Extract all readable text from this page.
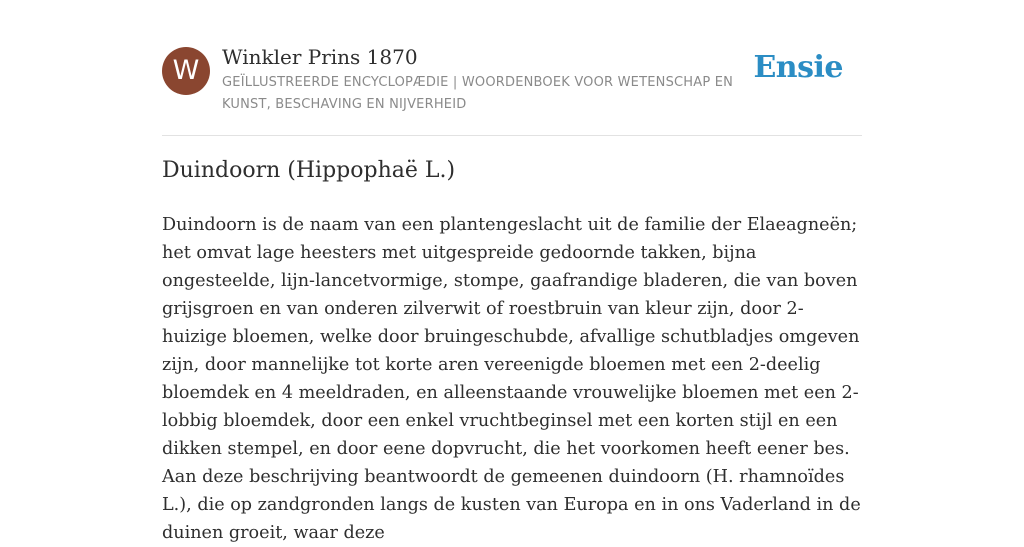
W	Winkler Prins 1870
GEÏLLUSTREERDE ENCYCLOPÆDIE | WOORDENBOEK VOOR WETENSCHAP EN KUNST, BESCHAVING EN NIJVERHEID
Ensie
Duindoorn (Hippophaë L.)

Duindoorn is de naam van een plantengeslacht uit de familie der Elaeagneën; het omvat lage heesters met uitgespreide gedoornde takken, bijna ongesteelde, lijn-lancetvormige, stompe, gaafrandige bladeren, die van boven grijsgroen en van onderen zilverwit of roestbruin van kleur zijn, door 2-huizige bloemen, welke door bruingeschubde, afvallige schutbladjes omgeven zijn, door mannelijke tot korte aren vereenigde bloemen met een 2-deelig bloemdek en 4 meeldraden, en alleenstaande vrouwelijke bloemen met een 2-lobbig bloemdek, door een enkel vruchtbeginsel met een korten stijl en een dikken stempel, en door eene dopvrucht, die het voorkomen heeft eener bes. Aan deze beschrijving beantwoordt de gemeenen duindoorn (H. rhamnoïdes L.), die op zandgronden langs de kusten van Europa en in ons Vaderland in de duinen groeit, waar deze
